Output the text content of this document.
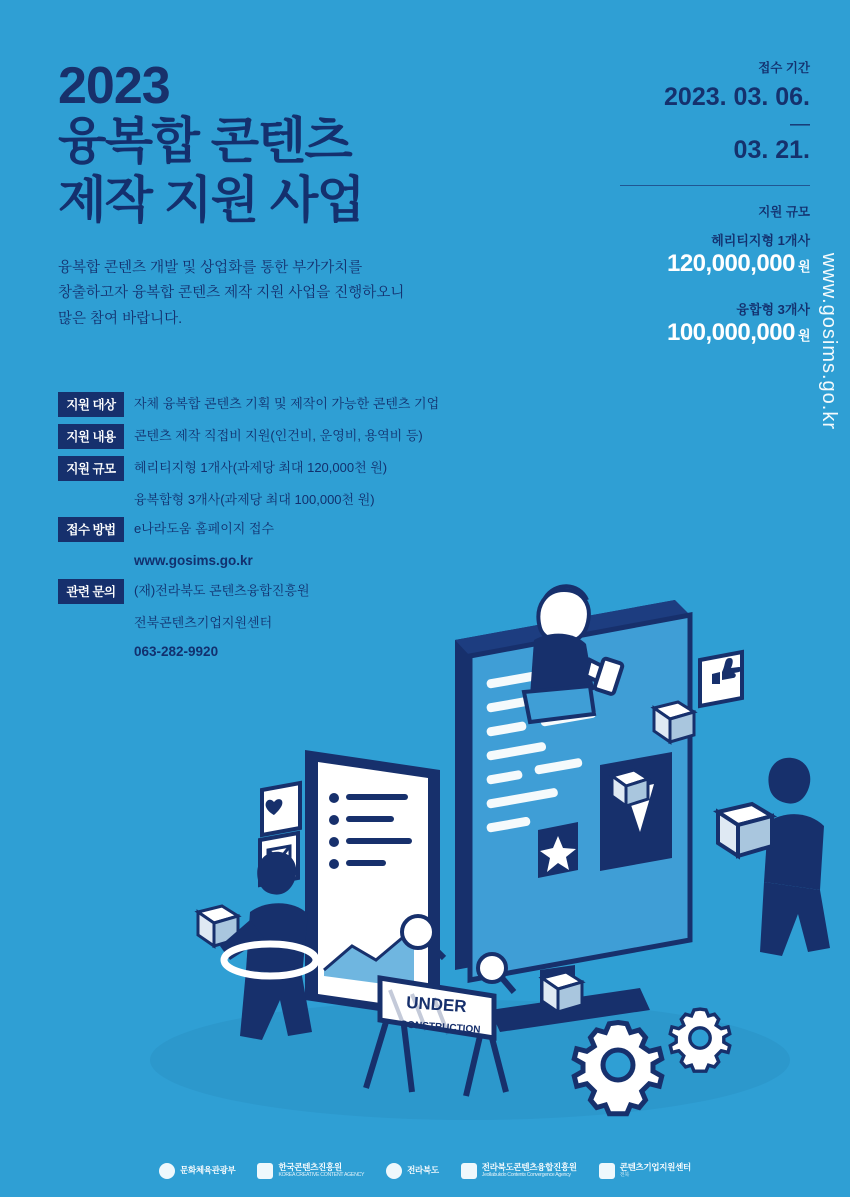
2023
융복합 콘텐츠
제작 지원 사업
융복합 콘텐츠 개발 및 상업화를 통한 부가가치를
창출하고자 융복합 콘텐츠 제작 지원 사업을 진행하오니
많은 참여 바랍니다.
접수 기간
2023. 03. 06.
—
03. 21.
지원 규모
헤리티지형 1개사
120,000,000 원
융합형 3개사
100,000,000 원
지원 대상	자체 융복합 콘텐츠 기획 및 제작이 가능한 콘텐츠 기업
지원 내용	콘텐츠 제작 직접비 지원(인건비, 운영비, 용역비 등)
지원 규모	헤리티지형 1개사(과제당 최대 120,000천 원)
융복합형 3개사(과제당 최대 100,000천 원)
접수 방법	e나라도움 홈페이지 접수
www.gosims.go.kr
관련 문의	(재)전라북도 콘텐츠융합진흥원
전북콘텐츠기업지원센터
063-282-9920
www.gosims.go.kr
UNDER
CONSTRUCTION
문화체육관광부	한국콘텐츠진흥원
KOREA CREATIVE CONTENT AGENCY	전라북도	전라북도콘텐츠융합진흥원
Jeollabukdo Contents Convergence Agency
콘텐츠기업지원센터
전북
